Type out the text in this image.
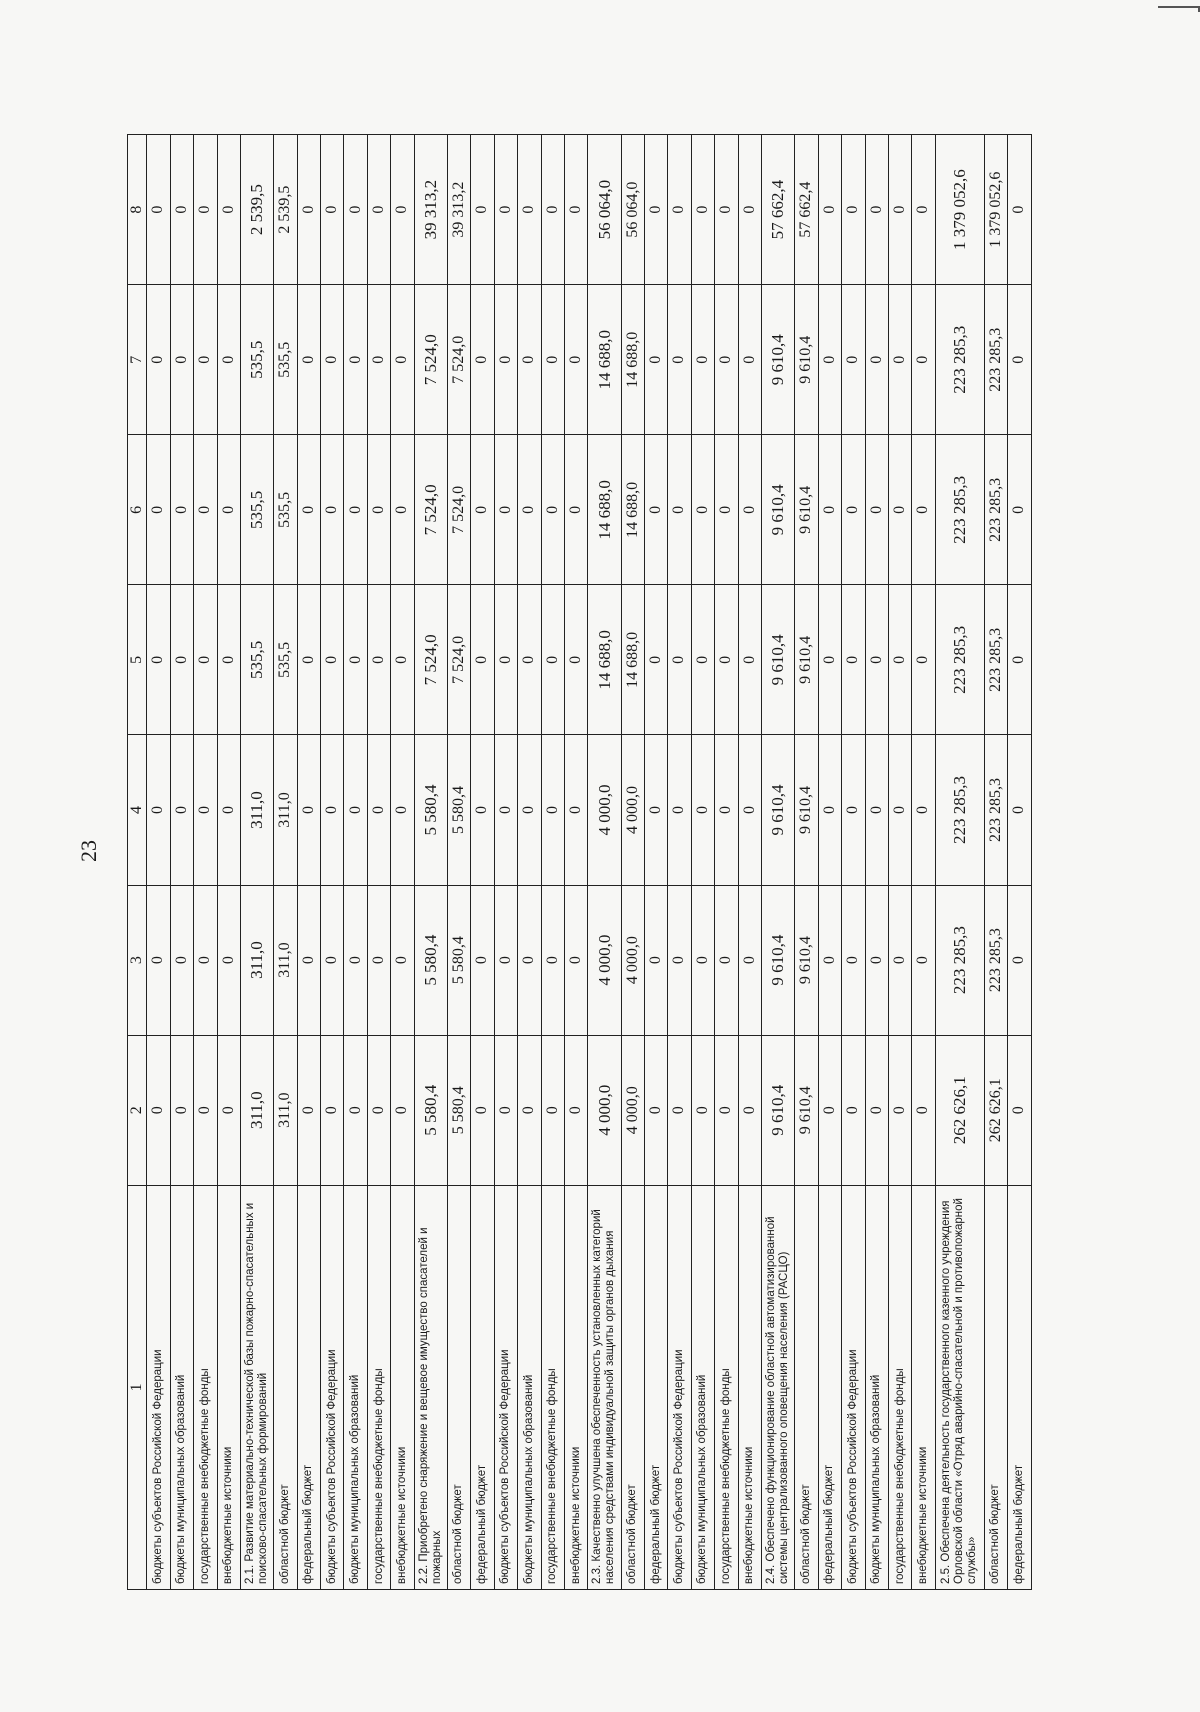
23
1	2	3	4	5	6	7	8
бюджеты субъектов Российской Федерации	0	0	0	0	0	0	0
бюджеты муниципальных образований	0	0	0	0	0	0	0
государственные внебюджетные фонды	0	0	0	0	0	0	0
внебюджетные источники	0	0	0	0	0	0	0
2.1. Развитие материально-технической базы пожарно-спасательных и поисково-спасательных формирований	311,0	311,0	311,0	535,5	535,5	535,5	2 539,5
областной бюджет	311,0	311,0	311,0	535,5	535,5	535,5	2 539,5
федеральный бюджет	0	0	0	0	0	0	0
бюджеты субъектов Российской Федерации	0	0	0	0	0	0	0
бюджеты муниципальных образований	0	0	0	0	0	0	0
государственные внебюджетные фонды	0	0	0	0	0	0	0
внебюджетные источники	0	0	0	0	0	0	0
2.2. Приобретено снаряжение и вещевое имущество спасателей и пожарных	5 580,4	5 580,4	5 580,4	7 524,0	7 524,0	7 524,0	39 313,2
областной бюджет	5 580,4	5 580,4	5 580,4	7 524,0	7 524,0	7 524,0	39 313,2
федеральный бюджет	0	0	0	0	0	0	0
бюджеты субъектов Российской Федерации	0	0	0	0	0	0	0
бюджеты муниципальных образований	0	0	0	0	0	0	0
государственные внебюджетные фонды	0	0	0	0	0	0	0
внебюджетные источники	0	0	0	0	0	0	0
2.3. Качественно улучшена обеспеченность установленных категорий населения средствами индивидуальной защиты органов дыхания	4 000,0	4 000,0	4 000,0	14 688,0	14 688,0	14 688,0	56 064,0
областной бюджет	4 000,0	4 000,0	4 000,0	14 688,0	14 688,0	14 688,0	56 064,0
федеральный бюджет	0	0	0	0	0	0	0
бюджеты субъектов Российской Федерации	0	0	0	0	0	0	0
бюджеты муниципальных образований	0	0	0	0	0	0	0
государственные внебюджетные фонды	0	0	0	0	0	0	0
внебюджетные источники	0	0	0	0	0	0	0
2.4. Обеспечено функционирование областной автоматизированной системы централизованного оповещения населения (РАСЦО)	9 610,4	9 610,4	9 610,4	9 610,4	9 610,4	9 610,4	57 662,4
областной бюджет	9 610,4	9 610,4	9 610,4	9 610,4	9 610,4	9 610,4	57 662,4
федеральный бюджет	0	0	0	0	0	0	0
бюджеты субъектов Российской Федерации	0	0	0	0	0	0	0
бюджеты муниципальных образований	0	0	0	0	0	0	0
государственные внебюджетные фонды	0	0	0	0	0	0	0
внебюджетные источники	0	0	0	0	0	0	0
2.5. Обеспечена деятельность государственного казенного учреждения Орловской области «Отряд аварийно-спасательной и противопожарной службы»	262 626,1	223 285,3	223 285,3	223 285,3	223 285,3	223 285,3	1 379 052,6
областной бюджет	262 626,1	223 285,3	223 285,3	223 285,3	223 285,3	223 285,3	1 379 052,6
федеральный бюджет	0	0	0	0	0	0	0
